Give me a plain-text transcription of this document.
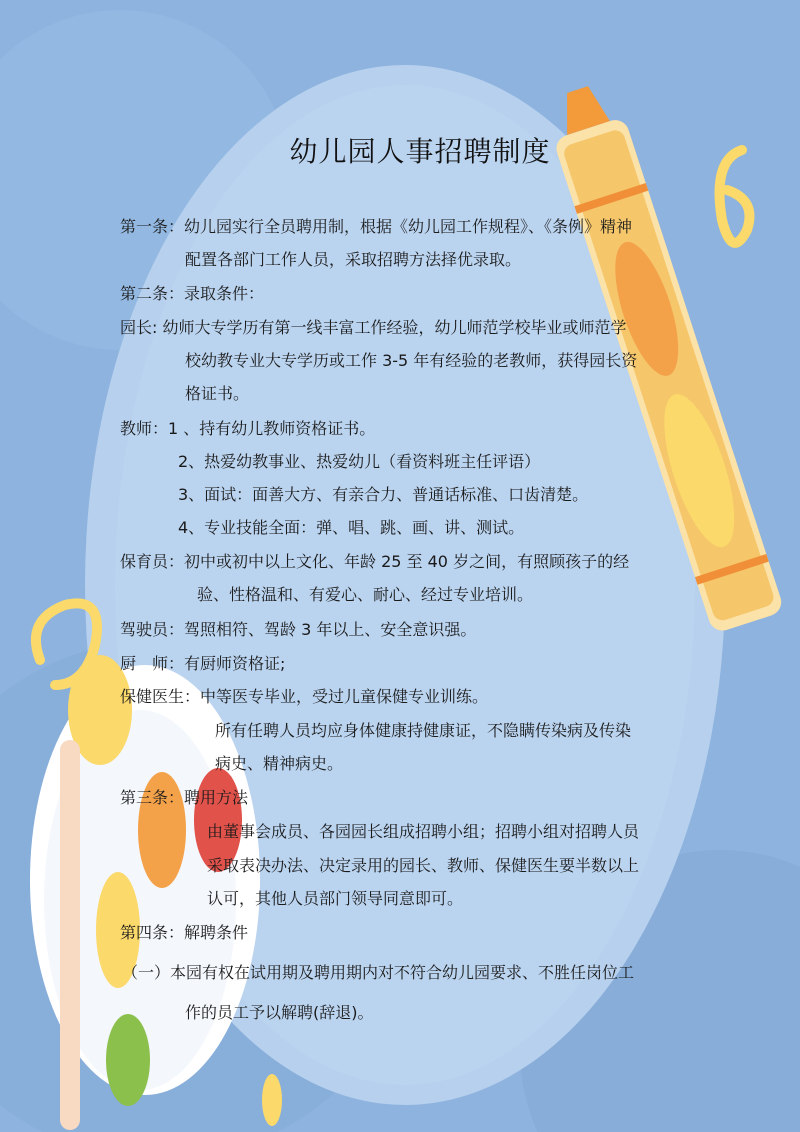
幼儿园人事招聘制度
第一条：幼儿园实行全员聘用制，根据《幼儿园工作规程》、《条例》精神
配置各部门工作人员，采取招聘方法择优录取。
第二条：录取条件：
园长: 幼师大专学历有第一线丰富工作经验，幼儿师范学校毕业或师范学
校幼教专业大专学历或工作 3-5 年有经验的老教师，获得园长资
格证书。
教师：1 、持有幼儿教师资格证书。
2、热爱幼教事业、热爱幼儿（看资料班主任评语）
3、面试：面善大方、有亲合力、普通话标准、口齿清楚。
4、专业技能全面：弹、唱、跳、画、讲、测试。
保育员：初中或初中以上文化、年龄 25 至 40 岁之间，有照顾孩子的经
验、性格温和、有爱心、耐心、经过专业培训。
驾驶员：驾照相符、驾龄 3 年以上、安全意识强。
厨　师：有厨师资格证;
保健医生：中等医专毕业，受过儿童保健专业训练。
所有任聘人员均应身体健康持健康证，不隐瞒传染病及传染
病史、精神病史。
第三条：聘用方法
由董事会成员、各园园长组成招聘小组；招聘小组对招聘人员
采取表决办法、决定录用的园长、教师、保健医生要半数以上
认可，其他人员部门领导同意即可。
第四条：解聘条件
（一）本园有权在试用期及聘用期内对不符合幼儿园要求、不胜任岗位工
作的员工予以解聘(辞退)。
